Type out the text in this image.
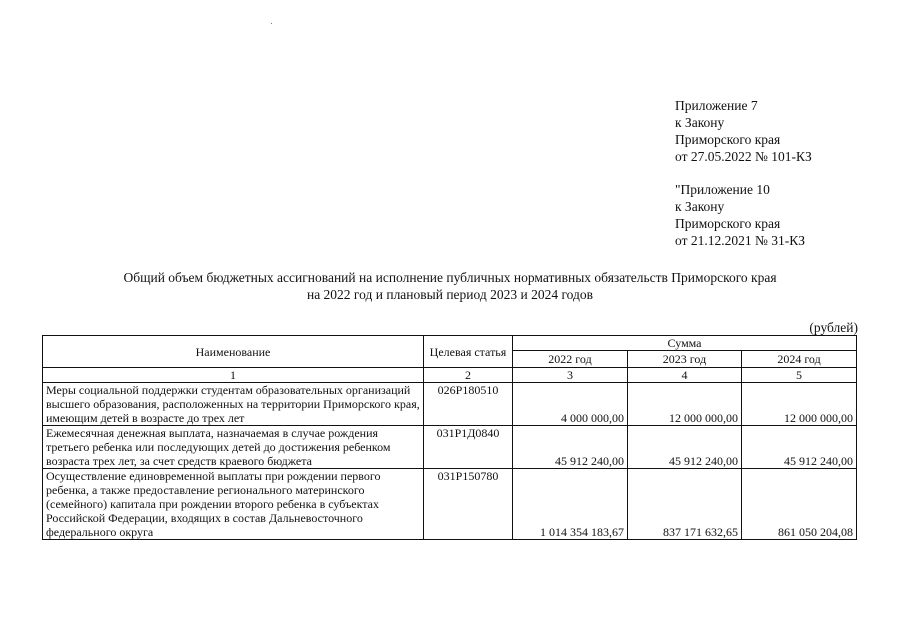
Приложение 7
к Закону
Приморского края
от 27.05.2022 № 101-КЗ
"Приложение 10
к Закону
Приморского края
от 21.12.2021 № 31-КЗ
Общий объем бюджетных ассигнований на исполнение публичных нормативных обязательств Приморского края
на 2022 год и плановый период 2023 и 2024 годов
(рублей)
Наименование	Целевая статья	Сумма		
		2022 год	2023 год	2024 год
1	2	3	4	5
Меры социальной поддержки студентам образовательных организаций высшего образования, расположенных на территории Приморского края, имеющим детей в возрасте до трех лет	026Р180510	4 000 000,00	12 000 000,00	12 000 000,00
Ежемесячная денежная выплата, назначаемая в случае рождения третьего ребенка или последующих детей до достижения ребенком возраста трех лет, за счет средств краевого бюджета	031Р1Д0840	45 912 240,00	45 912 240,00	45 912 240,00
Осуществление единовременной выплаты при рождении первого ребенка, а также предоставление регионального материнского (семейного) капитала при рождении второго ребенка в субъектах Российской Федерации, входящих в состав Дальневосточного федерального округа	031Р150780	1 014 354 183,67	837 171 632,65	861 050 204,08
